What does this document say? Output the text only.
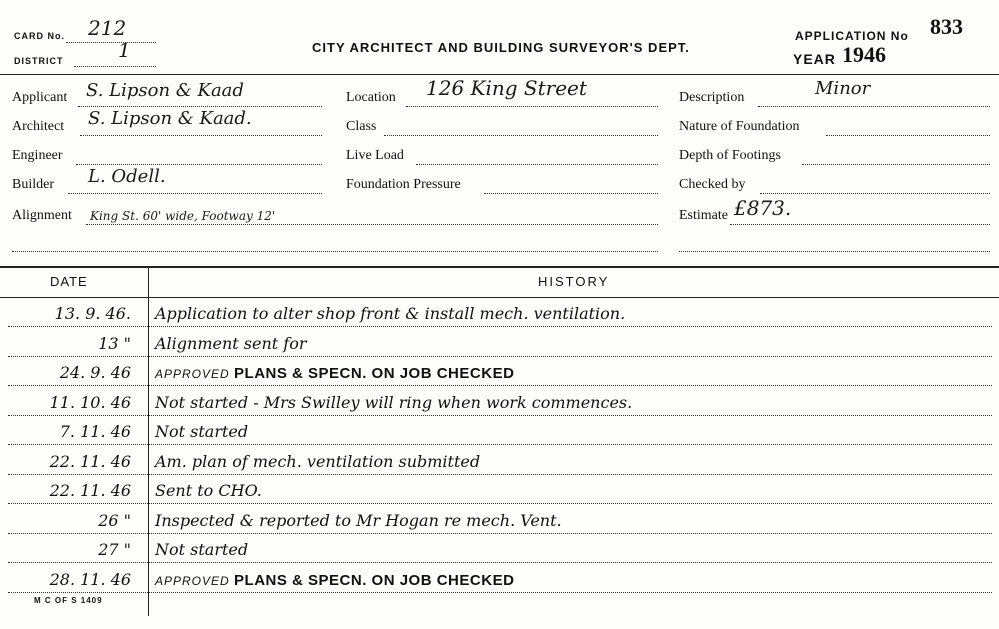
CARD No. 212
DISTRICT	1	CITY ARCHITECT AND BUILDING SURVEYOR'S DEPT.
APPLICATION No 833
YEAR 1946
Applicant S. Lipson & Kaad
Architect S. Lipson & Kaad.
Engineer
Builder L. Odell.
Alignment King St. 60' wide, Footway 12'
Location 126 King Street
Class
Live Load
Foundation Pressure
Description	Minor
Nature of Foundation
Depth of Footings
Checked by
Estimate £873.
DATE	HISTORY
13. 9. 46.	Application to alter shop front & install mech. ventilation.
13 "	Alignment sent for
24. 9. 46	APPROVED PLANS & SPECN. ON JOB CHECKED
11. 10. 46	Not started - Mrs Swilley will ring when work commences.
7. 11. 46	Not started
22. 11. 46	Am. plan of mech. ventilation submitted
22. 11. 46	Sent to CHO.
26 "	Inspected & reported to Mr Hogan re mech. Vent.
27 "	Not started
28. 11. 46	APPROVED PLANS & SPECN. ON JOB CHECKED
M C OF S 1409
